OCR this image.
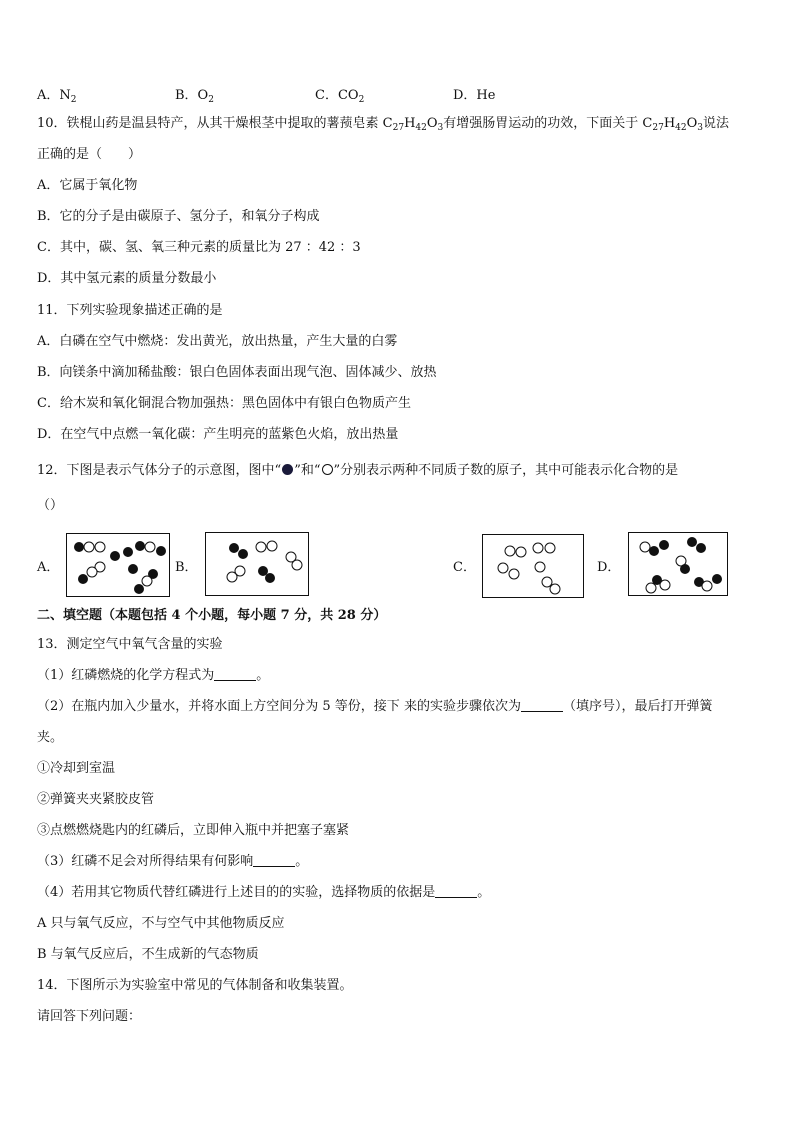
A．$N_2$	B．$O_2$	C．$CO_2$	D．He
10．铁棍山药是温县特产，从其干燥根茎中提取的薯蓣皂素 $C_{27}H_{42}O_3$有增强肠胃运动的功效，下面关于 $C_{27}H_{42}O_3$说法
正确的是（　　）
A．它属于氧化物
B．它的分子是由碳原子、氢分子，和氧分子构成
C．其中，碳、氢、氧三种元素的质量比为 27 ：42 ：3
D．其中氢元素的质量分数最小
11．下列实验现象描述正确的是
A．白磷在空气中燃烧：发出黄光，放出热量，产生大量的白雾
B．向镁条中滴加稀盐酸：银白色固体表面出现气泡、固体减少、放热
C．给木炭和氧化铜混合物加强热：黑色固体中有银白色物质产生
D．在空气中点燃一氧化碳：产生明亮的蓝紫色火焰，放出热量
12．下图是表示气体分子的示意图，图中“ ”和“ ”分别表示两种不同质子数的原子，其中可能表示化合物的是
（）
A．	B．	C．	D．
二、填空题（本题包括 4 个小题，每小题 7 分，共 28 分）
13．测定空气中氧气含量的实验
（1）红磷燃烧的化学方程式为	。
（2）在瓶内加入少量水，并将水面上方空间分为 5 等份，接下 来的实验步骤依次为	（填序号），最后打开弹簧
夹。
①冷却到室温
②弹簧夹夹紧胶皮管
③点燃燃烧匙内的红磷后，立即伸入瓶中并把塞子塞紧
（3）红磷不足会对所得结果有何影响	。
（4）若用其它物质代替红磷进行上述目的的实验，选择物质的依据是	。
A 只与氧气反应，不与空气中其他物质反应
B 与氧气反应后，不生成新的气态物质
14．下图所示为实验室中常见的气体制备和收集装置。
请回答下列问题：
